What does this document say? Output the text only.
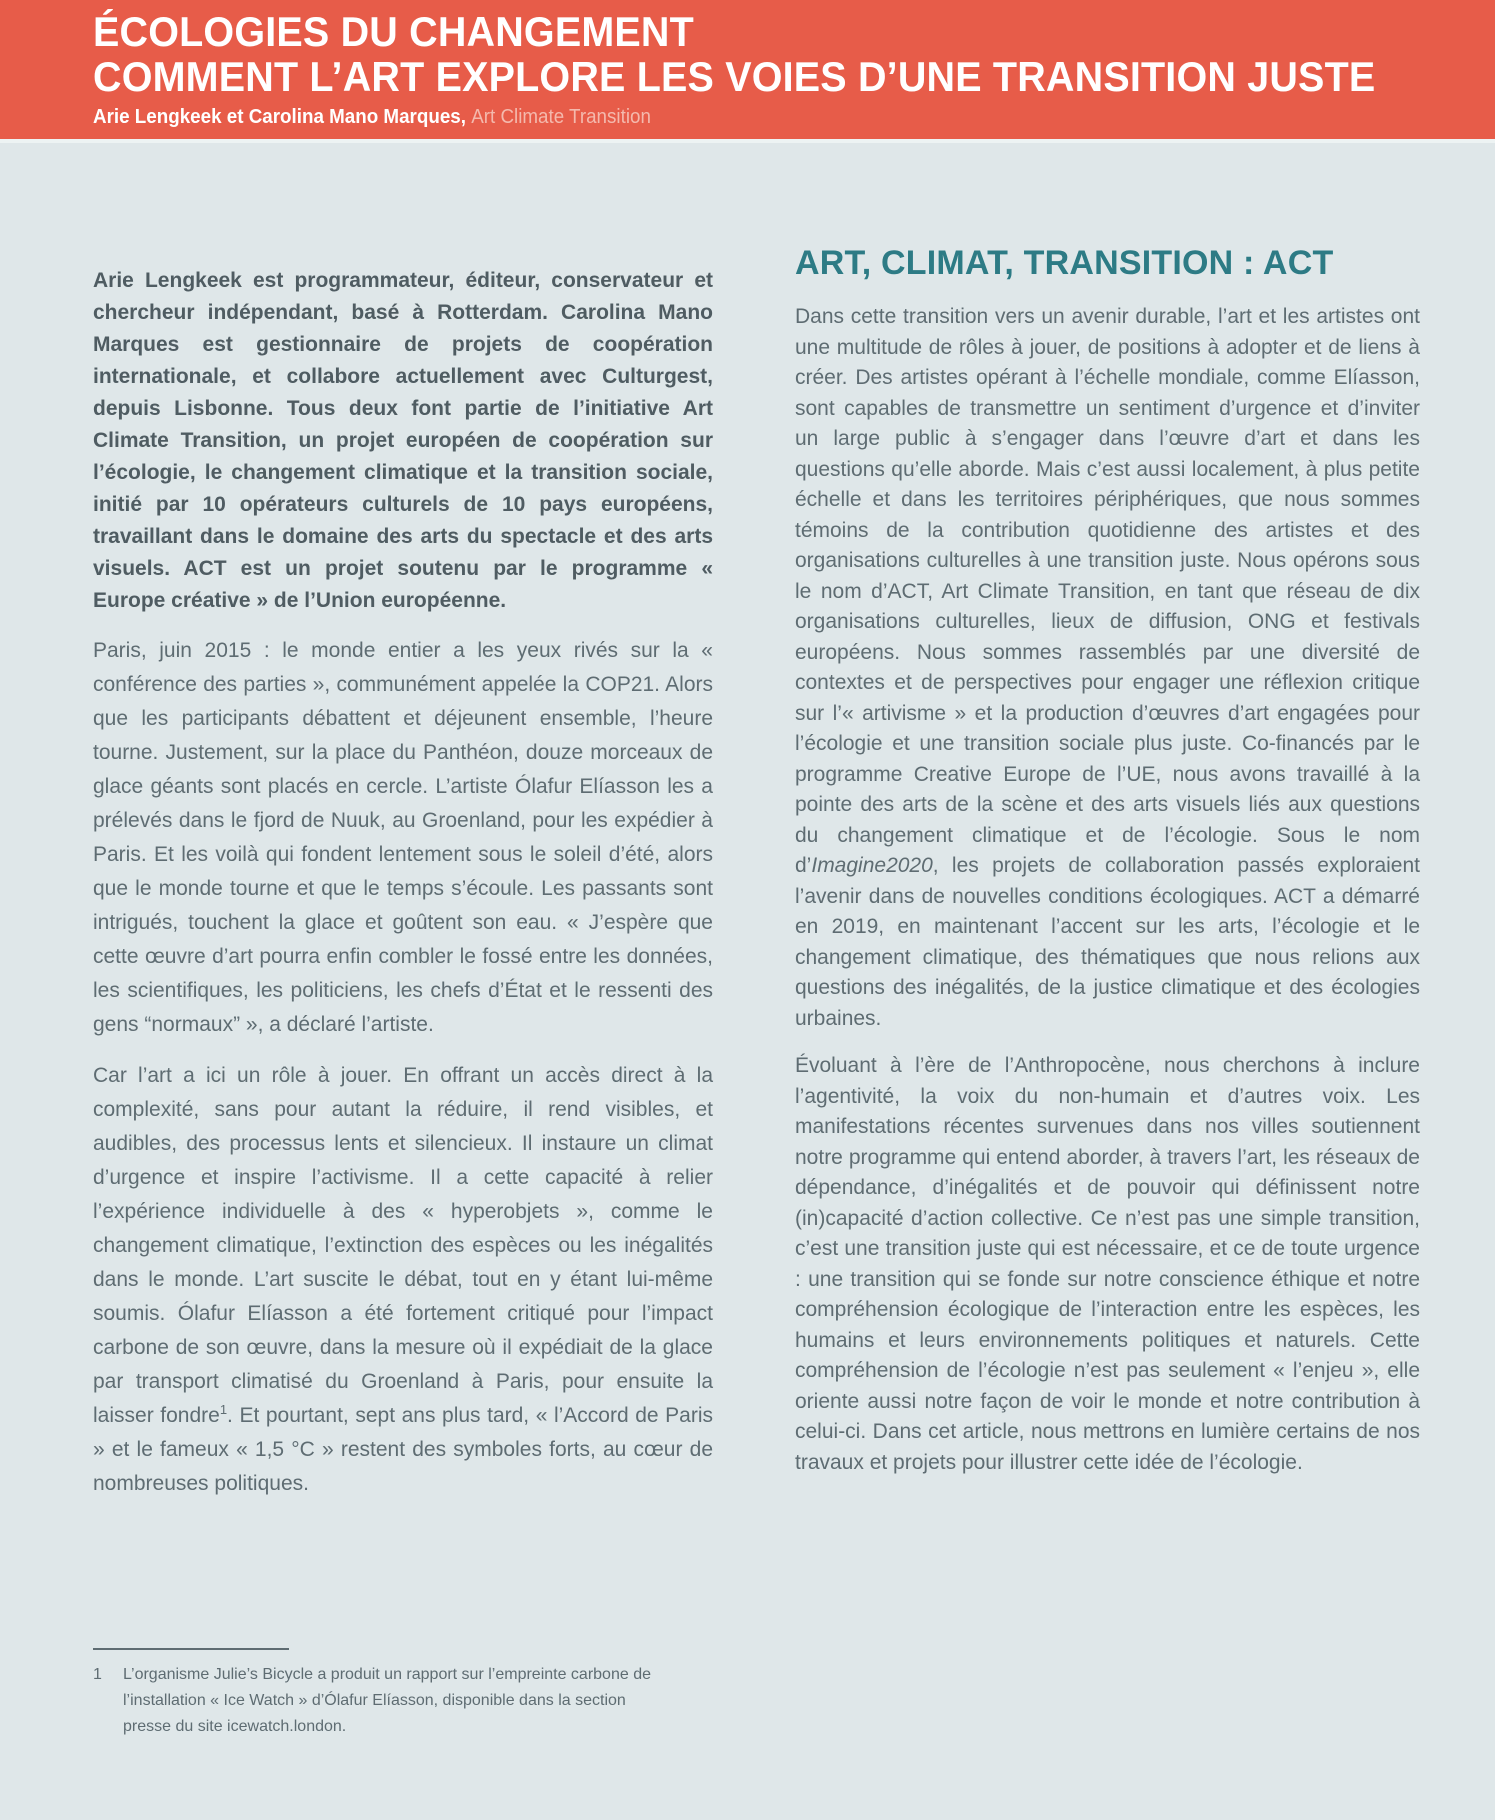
ÉCOLOGIES DU CHANGEMENT
COMMENT L’ART EXPLORE LES VOIES D’UNE TRANSITION JUSTE
Arie Lengkeek et Carolina Mano Marques, Art Climate Transition

Arie Lengkeek est programmateur, éditeur, conservateur et chercheur indépendant, basé à Rotterdam. Carolina Mano Marques est gestionnaire de projets de coopération internationale, et collabore actuellement avec Culturgest, depuis Lisbonne. Tous deux font partie de l’initiative Art Climate Transition, un projet européen de coopération sur l’écologie, le changement climatique et la transition sociale, initié par 10 opérateurs culturels de 10 pays européens, travaillant dans le domaine des arts du spectacle et des arts visuels. ACT est un projet soutenu par le programme « Europe créative » de l’Union européenne.

Paris, juin 2015 : le monde entier a les yeux rivés sur la « conférence des parties », communément appelée la COP21. Alors que les participants débattent et déjeunent ensemble, l’heure tourne. Justement, sur la place du Panthéon, douze morceaux de glace géants sont placés en cercle. L’artiste Ólafur Elíasson les a prélevés dans le fjord de Nuuk, au Groenland, pour les expédier à Paris. Et les voilà qui fondent lentement sous le soleil d’été, alors que le monde tourne et que le temps s’écoule. Les passants sont intrigués, touchent la glace et goûtent son eau. « J’espère que cette œuvre d’art pourra enfin combler le fossé entre les données, les scientifiques, les politiciens, les chefs d’État et le ressenti des gens “normaux” », a déclaré l’artiste.

Car l’art a ici un rôle à jouer. En offrant un accès direct à la complexité, sans pour autant la réduire, il rend visibles, et audibles, des processus lents et silencieux. Il instaure un climat d’urgence et inspire l’activisme. Il a cette capacité à relier l’expérience individuelle à des « hyperobjets », comme le changement climatique, l’extinction des espèces ou les inégalités dans le monde. L’art suscite le débat, tout en y étant lui-même soumis. Ólafur Elíasson a été fortement critiqué pour l’impact carbone de son œuvre, dans la mesure où il expédiait de la glace par transport climatisé du Groenland à Paris, pour ensuite la laisser fondre$^1$. Et pourtant, sept ans plus tard, « l’Accord de Paris » et le fameux « 1,5 °C » restent des symboles forts, au cœur de nombreuses politiques.

ART, CLIMAT, TRANSITION : ACT

Dans cette transition vers un avenir durable, l’art et les artistes ont une multitude de rôles à jouer, de positions à adopter et de liens à créer. Des artistes opérant à l’échelle mondiale, comme Elíasson, sont capables de transmettre un sentiment d’urgence et d’inviter un large public à s’engager dans l’œuvre d’art et dans les questions qu’elle aborde. Mais c’est aussi localement, à plus petite échelle et dans les territoires périphériques, que nous sommes témoins de la contribution quotidienne des artistes et des organisations culturelles à une transition juste. Nous opérons sous le nom d’ACT, Art Climate Transition, en tant que réseau de dix organisations culturelles, lieux de diffusion, ONG et festivals européens. Nous sommes rassemblés par une diversité de contextes et de perspectives pour engager une réflexion critique sur l’« artivisme » et la production d’œuvres d’art engagées pour l’écologie et une transition sociale plus juste. Co-financés par le programme Creative Europe de l’UE, nous avons travaillé à la pointe des arts de la scène et des arts visuels liés aux questions du changement climatique et de l’écologie. Sous le nom d’Imagine2020, les projets de collaboration passés exploraient l’avenir dans de nouvelles conditions écologiques. ACT a démarré en 2019, en maintenant l’accent sur les arts, l’écologie et le changement climatique, des thématiques que nous relions aux questions des inégalités, de la justice climatique et des écologies urbaines.

Évoluant à l’ère de l’Anthropocène, nous cherchons à inclure l’agentivité, la voix du non-humain et d’autres voix. Les manifestations récentes survenues dans nos villes soutiennent notre programme qui entend aborder, à travers l’art, les réseaux de dépendance, d’inégalités et de pouvoir qui définissent notre (in)capacité d’action collective. Ce n’est pas une simple transition, c’est une transition juste qui est nécessaire, et ce de toute urgence : une transition qui se fonde sur notre conscience éthique et notre compréhension écologique de l’interaction entre les espèces, les humains et leurs environnements politiques et naturels. Cette compréhension de l’écologie n’est pas seulement « l’enjeu », elle oriente aussi notre façon de voir le monde et notre contribution à celui-ci. Dans cet article, nous mettrons en lumière certains de nos travaux et projets pour illustrer cette idée de l’écologie.

1	L’organisme Julie’s Bicycle a produit un rapport sur l’empreinte carbone de l’installation « Ice Watch » d’Ólafur Elíasson, disponible dans la section presse du site icewatch.london.
